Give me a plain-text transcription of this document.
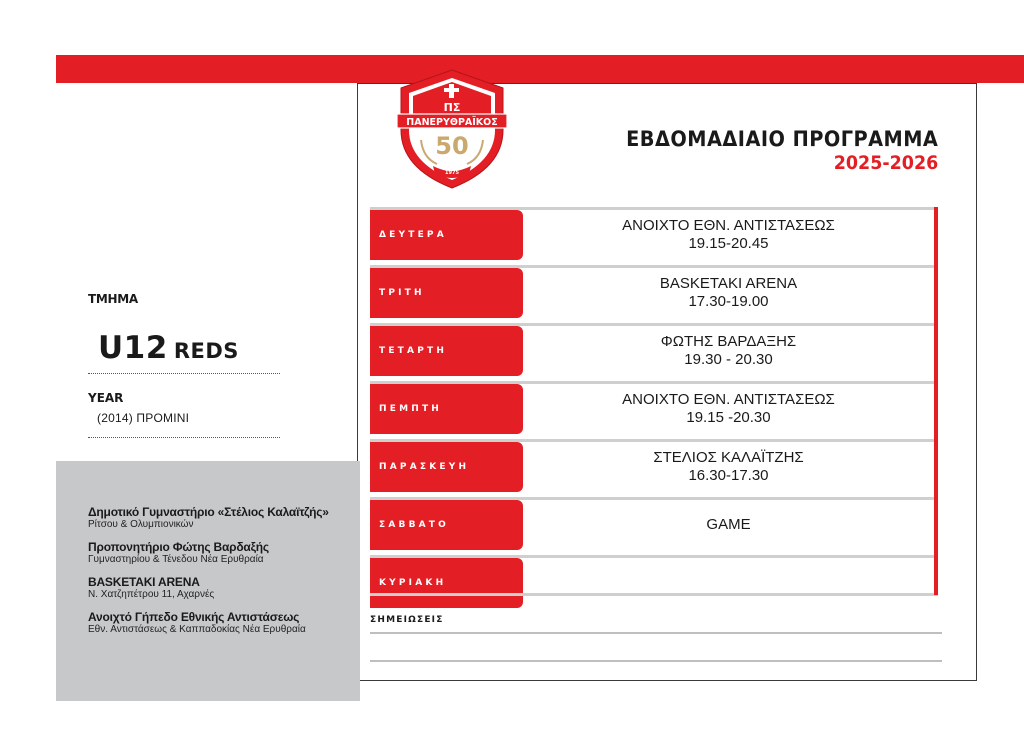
ΠΑΝΕΡΥΘΡΑΪΚΟΣ
ΠΣ
50
1975
ΕΒΔΟΜΑΔΙΑΙΟ ΠΡΟΓΡΑΜΜΑ
2025-2026
ΔΕΥΤΕΡΑ
ΑΝΟΙΧΤΟ ΕΘΝ. ΑΝΤΙΣΤΑΣΕΩΣ
19.15-20.45
ΤΡΙΤΗ
BASKETAKI ARENA
17.30-19.00
ΤΕΤΑΡΤΗ
ΦΩΤΗΣ ΒΑΡΔΑΞΗΣ
19.30 - 20.30
ΠΕΜΠΤΗ
ΑΝΟΙΧΤΟ ΕΘΝ. ΑΝΤΙΣΤΑΣΕΩΣ
19.15 -20.30
ΠΑΡΑΣΚΕΥΗ
ΣΤΕΛΙΟΣ ΚΑΛΑΪΤΖΗΣ
16.30-17.30
ΣΑΒΒΑΤΟ	GAME
ΚΥΡΙΑΚΗ
ΣΗΜΕΙΩΣΕΙΣ
ΤΜΗΜΑ
U12 REDS
YEAR
(2014) ΠΡΟΜΙΝΙ
Δημοτικό Γυμναστήριο «Στέλιος Καλαϊτζής»
Ρίτσου & Ολυμπιονικών
Προπονητήριο Φώτης Βαρδαξής
Γυμναστηρίου & Τένεδου Νέα Ερυθραία
BASKETAKI ARENA
Ν. Χατζηπέτρου 11, Αχαρνές
Ανοιχτό Γήπεδο Εθνικής Αντιστάσεως
Εθν. Αντιστάσεως & Καππαδοκίας Νέα Ερυθραία
